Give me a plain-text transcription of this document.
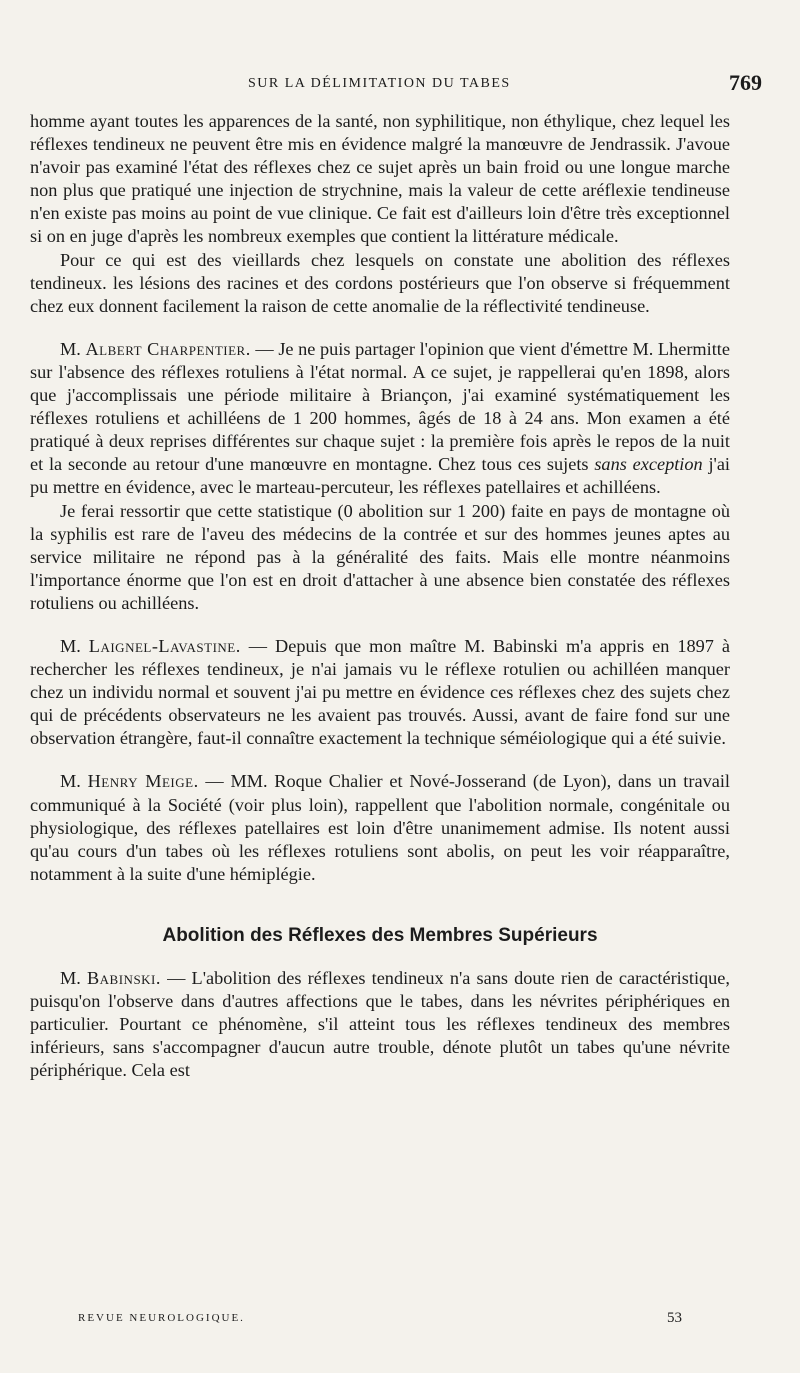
SUR LA DÉLIMITATION DU TABES	769

homme ayant toutes les apparences de la santé, non syphilitique, non éthylique, chez lequel les réflexes tendineux ne peuvent être mis en évidence malgré la manœuvre de Jendrassik. J'avoue n'avoir pas examiné l'état des réflexes chez ce sujet après un bain froid ou une longue marche non plus que pratiqué une injection de strychnine, mais la valeur de cette aréflexie tendineuse n'en existe pas moins au point de vue clinique. Ce fait est d'ailleurs loin d'être très exceptionnel si on en juge d'après les nombreux exemples que contient la littérature médicale.

Pour ce qui est des vieillards chez lesquels on constate une abolition des réflexes tendineux. les lésions des racines et des cordons postérieurs que l'on observe si fréquemment chez eux donnent facilement la raison de cette anomalie de la réflectivité tendineuse.

M. Albert Charpentier. — Je ne puis partager l'opinion que vient d'émettre M. Lhermitte sur l'absence des réflexes rotuliens à l'état normal. A ce sujet, je rappellerai qu'en 1898, alors que j'accomplissais une période militaire à Briançon, j'ai examiné systématiquement les réflexes rotuliens et achilléens de 1 200 hommes, âgés de 18 à 24 ans. Mon examen a été pratiqué à deux reprises différentes sur chaque sujet : la première fois après le repos de la nuit et la seconde au retour d'une manœuvre en montagne. Chez tous ces sujets sans exception j'ai pu mettre en évidence, avec le marteau-percuteur, les réflexes patellaires et achilléens.

Je ferai ressortir que cette statistique (0 abolition sur 1 200) faite en pays de montagne où la syphilis est rare de l'aveu des médecins de la contrée et sur des hommes jeunes aptes au service militaire ne répond pas à la généralité des faits. Mais elle montre néanmoins l'importance énorme que l'on est en droit d'attacher à une absence bien constatée des réflexes rotuliens ou achilléens.

M. Laignel-Lavastine. — Depuis que mon maître M. Babinski m'a appris en 1897 à rechercher les réflexes tendineux, je n'ai jamais vu le réflexe rotulien ou achilléen manquer chez un individu normal et souvent j'ai pu mettre en évidence ces réflexes chez des sujets chez qui de précédents observateurs ne les avaient pas trouvés. Aussi, avant de faire fond sur une observation étrangère, faut-il connaître exactement la technique séméiologique qui a été suivie.

M. Henry Meige. — MM. Roque Chalier et Nové-Josserand (de Lyon), dans un travail communiqué à la Société (voir plus loin), rappellent que l'abolition normale, congénitale ou physiologique, des réflexes patellaires est loin d'être unanimement admise. Ils notent aussi qu'au cours d'un tabes où les réflexes rotuliens sont abolis, on peut les voir réapparaître, notamment à la suite d'une hémiplégie.

Abolition des Réflexes des Membres Supérieurs

M. Babinski. — L'abolition des réflexes tendineux n'a sans doute rien de caractéristique, puisqu'on l'observe dans d'autres affections que le tabes, dans les névrites périphériques en particulier. Pourtant ce phénomène, s'il atteint tous les réflexes tendineux des membres inférieurs, sans s'accompagner d'aucun autre trouble, dénote plutôt un tabes qu'une névrite périphérique. Cela est

REVUE NEUROLOGIQUE.	53
